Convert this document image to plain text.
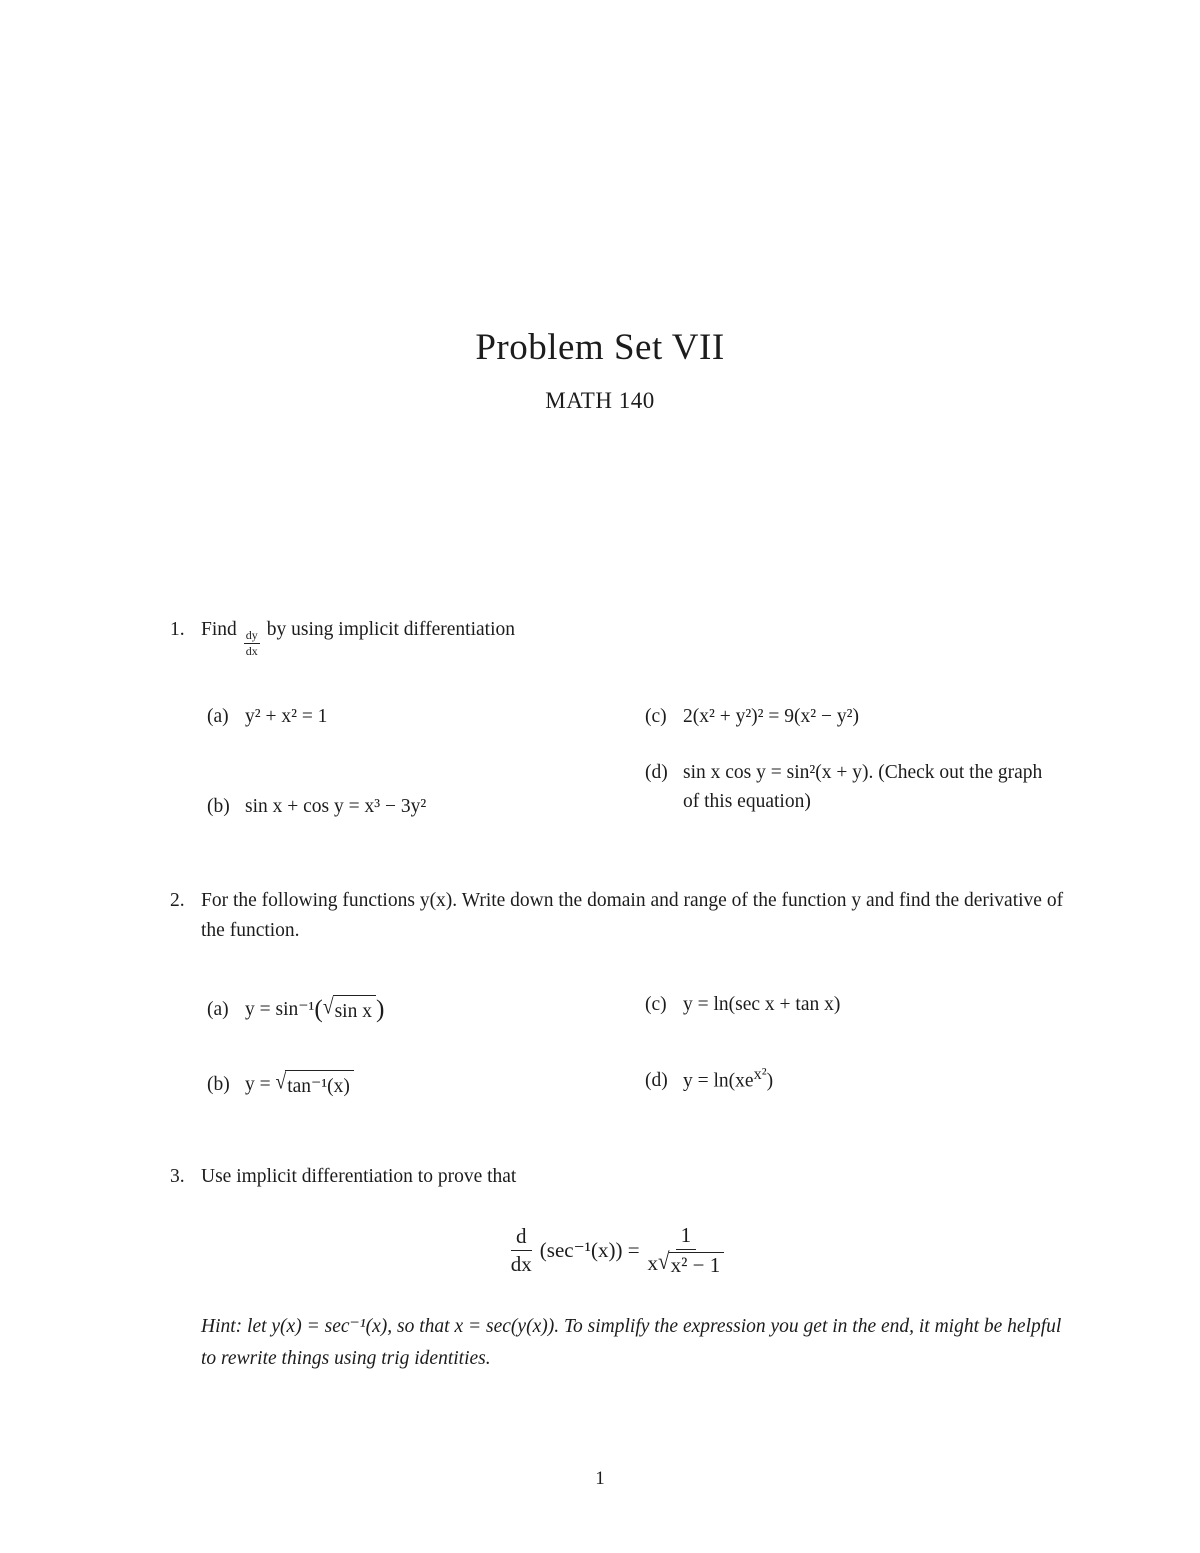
Problem Set VII
MATH 140
1. Find $\frac{dy}{dx}$ by using implicit differentiation
(a) y² + x² = 1
(b) sin x + cos y = x³ − 3y²
(c) 2(x² + y²)² = 9(x² − y²)
(d) sin x cos y = sin²(x + y). (Check out the graph of this equation)
2. For the following functions y(x). Write down the domain and range of the function y and find the derivative of the function.
(a) y = sin⁻¹( √ sin x )
(b) y = √ tan⁻¹(x)
(c) y = ln(sec x + tan x)
(d) $y = \ln(xe^{x^2})$
3. Use implicit differentiation to prove that
$\frac{d}{dx} (\sec^{-1}(x)) = \frac{1}{\text{x √ x² − 1}}$
Hint: let y(x) = sec⁻¹(x), so that x = sec(y(x)). To simplify the expression you get in the end, it might be helpful to rewrite things using trig identities.
1
